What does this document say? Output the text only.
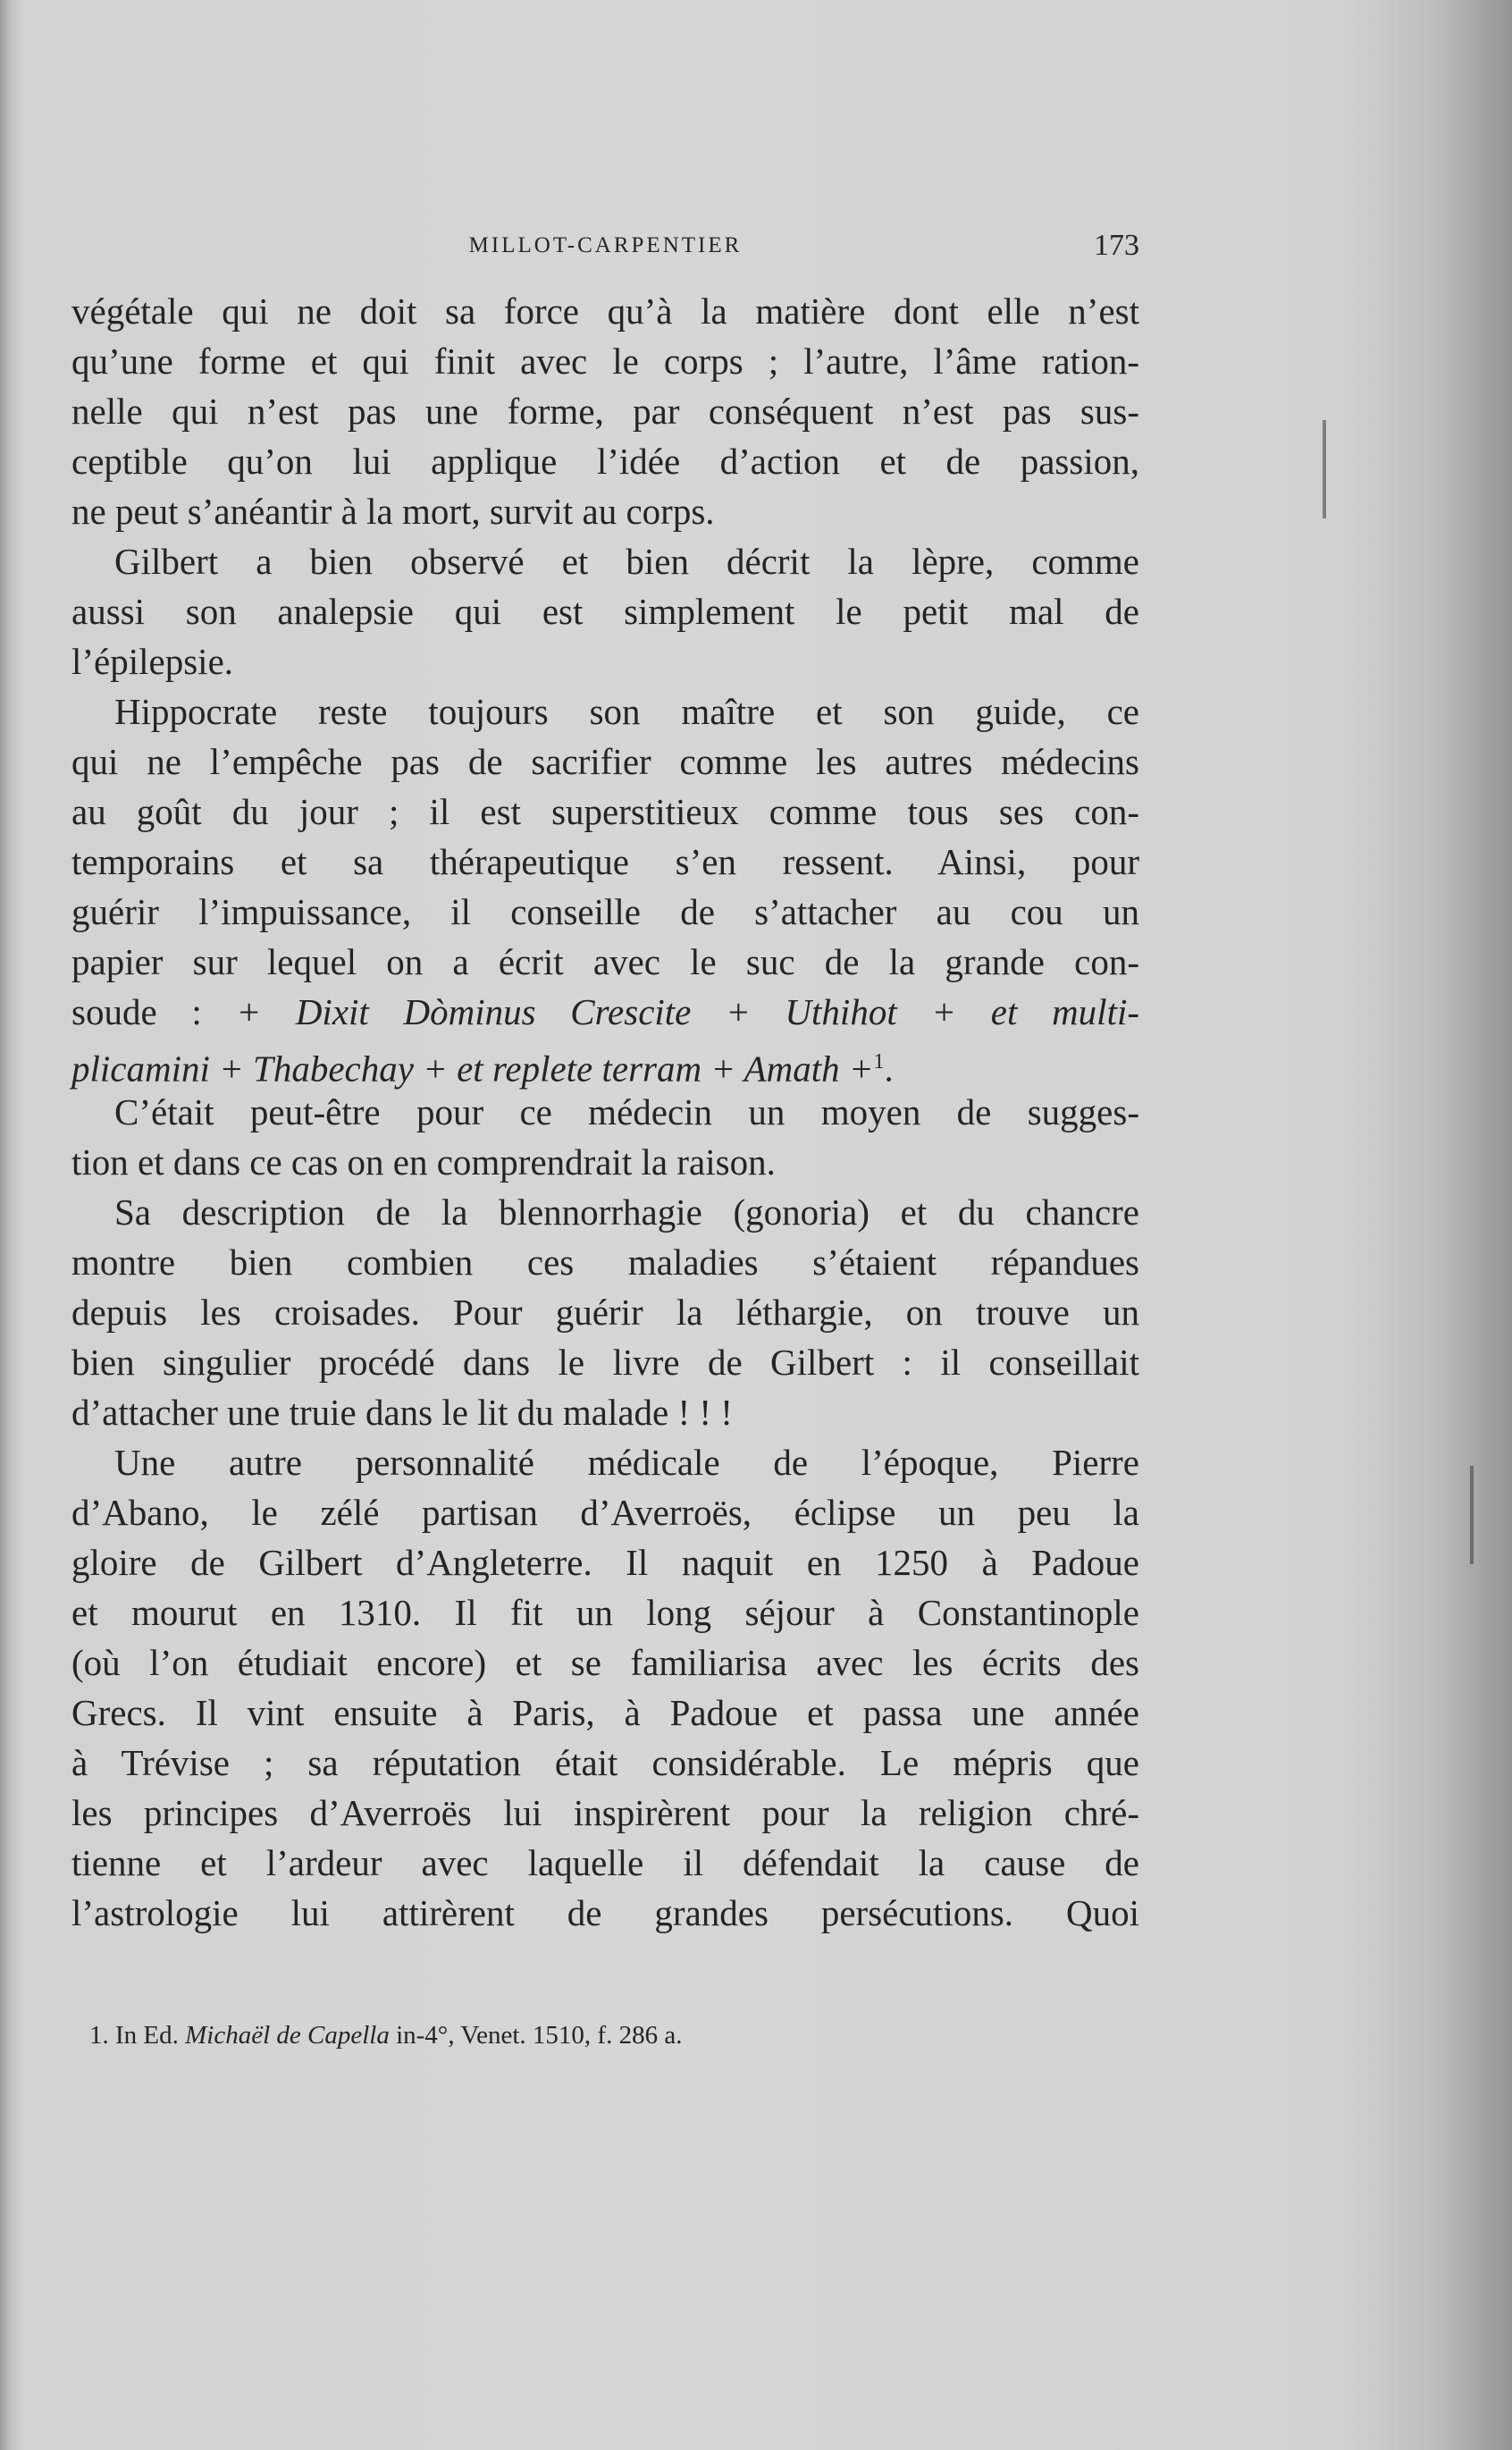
MILLOT-CARPENTIER	173
végétale qui ne doit sa force qu’à la matière dont elle n’est
qu’une forme et qui finit avec le corps ; l’autre, l’âme ration-
nelle qui n’est pas une forme, par conséquent n’est pas sus-
ceptible qu’on lui applique l’idée d’action et de passion,
ne peut s’anéantir à la mort, survit au corps.
Gilbert a bien observé et bien décrit la lèpre, comme
aussi son analepsie qui est simplement le petit mal de
l’épilepsie.
Hippocrate reste toujours son maître et son guide, ce
qui ne l’empêche pas de sacrifier comme les autres médecins
au goût du jour ; il est superstitieux comme tous ses con-
temporains et sa thérapeutique s’en ressent. Ainsi, pour
guérir l’impuissance, il conseille de s’attacher au cou un
papier sur lequel on a écrit avec le suc de la grande con-
soude : + Dixit Dòminus Crescite + Uthihot + et multi-
plicamini + Thabechay + et replete terram + Amath +$^1$.
C’était peut-être pour ce médecin un moyen de sugges-
tion et dans ce cas on en comprendrait la raison.
Sa description de la blennorrhagie (gonoria) et du chancre
montre bien combien ces maladies s’étaient répandues
depuis les croisades. Pour guérir la léthargie, on trouve un
bien singulier procédé dans le livre de Gilbert : il conseillait
d’attacher une truie dans le lit du malade ! ! !
Une autre personnalité médicale de l’époque, Pierre
d’Abano, le zélé partisan d’Averroës, éclipse un peu la
gloire de Gilbert d’Angleterre. Il naquit en 1250 à Padoue
et mourut en 1310. Il fit un long séjour à Constantinople
(où l’on étudiait encore) et se familiarisa avec les écrits des
Grecs. Il vint ensuite à Paris, à Padoue et passa une année
à Trévise ; sa réputation était considérable. Le mépris que
les principes d’Averroës lui inspirèrent pour la religion chré-
tienne et l’ardeur avec laquelle il défendait la cause de
l’astrologie lui attirèrent de grandes persécutions. Quoi
1. In Ed. Michaël de Capella in-4°, Venet. 1510, f. 286 a.
